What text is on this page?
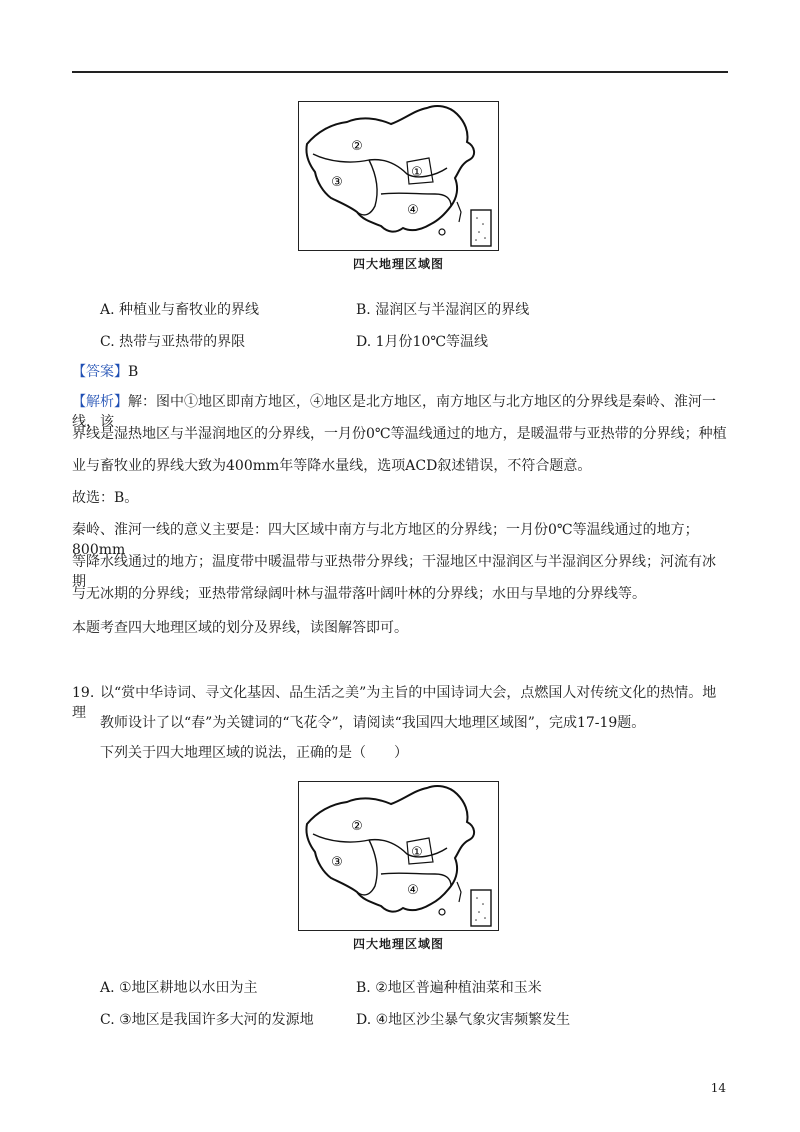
①
②
③
④
四大地理区域图
A. 种植业与畜牧业的界线	B. 湿润区与半湿润区的界线
C. 热带与亚热带的界限	D. 1月份10℃等温线
【答案】B
【解析】解：图中①地区即南方地区，④地区是北方地区，南方地区与北方地区的分界线是秦岭、淮河一线，该
界线是湿热地区与半湿润地区的分界线，一月份0℃等温线通过的地方，是暖温带与亚热带的分界线；种植
业与畜牧业的界线大致为400mm年等降水量线，选项ACD叙述错误，不符合题意。
故选：B。
秦岭、淮河一线的意义主要是：四大区域中南方与北方地区的分界线；一月份0℃等温线通过的地方；800mm
等降水线通过的地方；温度带中暖温带与亚热带分界线；干湿地区中湿润区与半湿润区分界线；河流有冰期
与无冰期的分界线；亚热带常绿阔叶林与温带落叶阔叶林的分界线；水田与旱地的分界线等。
本题考查四大地理区域的划分及界线，读图解答即可。
19. 以“赏中华诗词、寻文化基因、品生活之美”为主旨的中国诗词大会，点燃国人对传统文化的热情。地理
教师设计了以“春”为关键词的“飞花令”，请阅读“我国四大地理区域图”，完成17-19题。
下列关于四大地理区域的说法，正确的是（　　）
①
②
③
④
四大地理区域图
A. ①地区耕地以水田为主	B. ②地区普遍种植油菜和玉米
C. ③地区是我国许多大河的发源地	D. ④地区沙尘暴气象灾害频繁发生
14
